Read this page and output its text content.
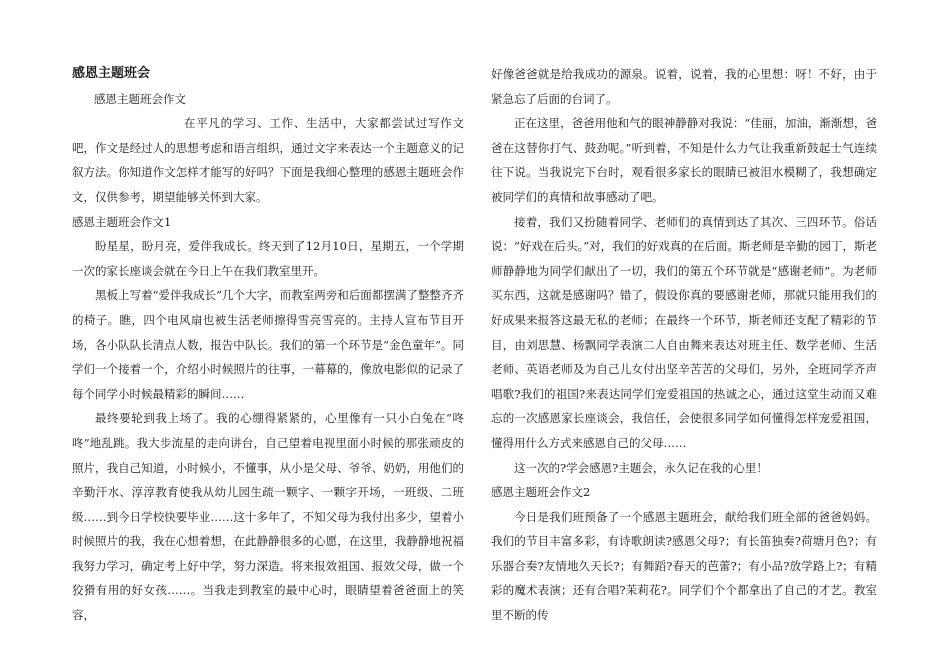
感恩主题班会

感恩主题班会作文

在平凡的学习、工作、生活中，大家都尝试过写作文吧，作文是经过人的思想考虑和语言组织，通过文字来表达一个主题意义的记叙方法。你知道作文怎样才能写的好吗？下面是我细心整理的感恩主题班会作文，仅供参考，期望能够关怀到大家。

感恩主题班会作文1

盼星星，盼月亮，爱伴我成长。终天到了12月10日，星期五，一个学期一次的家长座谈会就在今日上午在我们教室里开。

黑板上写着“爱伴我成长”几个大字，而教室两旁和后面都摆满了整整齐齐的椅子。瞧，四个电风扇也被生活老师擦得雪亮雪亮的。主持人宣布节目开场，各小队队长清点人数，报告中队长。我们的第一个环节是“金色童年”。同学们一个接着一个，介绍小时候照片的往事，一幕幕的，像放电影似的记录了每个同学小时候最精彩的瞬间……

最终要轮到我上场了。我的心绷得紧紧的，心里像有一只小白兔在“咚咚”地乱跳。我大步流星的走向讲台，自己望着电视里面小时候的那张顽皮的照片，我自己知道，小时候小，不懂事，从小是父母、爷爷、奶奶，用他们的辛勤汗水、淳淳教育使我从幼儿园生疏一颗字、一颗字开场，一班级、二班级……到今日学校快要毕业……这十多年了，不知父母为我付出多少，望着小时候照片的我，我在心想着想，在此静静很多的心愿，在这里，我静静地祝福我努力学习，确定考上好中学，努力深造。将来报效祖国、报效父母，做一个狡猾有用的好女孩……。当我走到教室的最中心时，眼睛望着爸爸面上的笑容，

好像爸爸就是给我成功的源泉。说着，说着，我的心里想：呀！不好，由于紧急忘了后面的台词了。

正在这里，爸爸用他和气的眼神静静对我说：“佳丽，加油，渐渐想，爸爸在这替你打气、鼓劲呢。”听到着，不知是什么力气让我重新鼓起士气连续往下说。当我说完下台时，观看很多家长的眼睛已被泪水模糊了，我想确定被同学们的真情和故事感动了吧。

接着，我们又扮随着同学、老师们的真情到达了其次、三四环节。俗话说：“好戏在后头。”对，我们的好戏真的在后面。斯老师是辛勤的园丁，斯老师静静地为同学们献出了一切，我们的第五个环节就是“感谢老师”。为老师买东西，这就是感谢吗？错了，假设你真的要感谢老师，那就只能用我们的好成果来报答这最无私的老师；在最终一个环节，斯老师还支配了精彩的节目，由刘思慧、杨飘同学表演二人自由舞来表达对班主任、数学老师、生活老师、英语老师及为自己儿女付出坚辛苦苦的父母们，另外，全班同学齐声唱歌?我们的祖国?来表达同学们宠爱祖国的热诚之心，通过这堂生动而又难忘的一次感恩家长座谈会，我信任，会使很多同学如何懂得怎样宠爱祖国，懂得用什么方式来感恩自己的父母……

这一次的?学会感恩?主题会，永久记在我的心里！

感恩主题班会作文2

今日是我们班预备了一个感恩主题班会，献给我们班全部的爸爸妈妈。我们的节目丰富多彩，有诗歌朗读?感恩父母?；有长笛独奏?荷塘月色?；有乐器合奏?友情地久天长?；有舞蹈?春天的芭蕾?；有小品?放学路上?；有精彩的魔术表演；还有合唱?茉莉花?。同学们个个都拿出了自己的才艺。教室里不断的传
